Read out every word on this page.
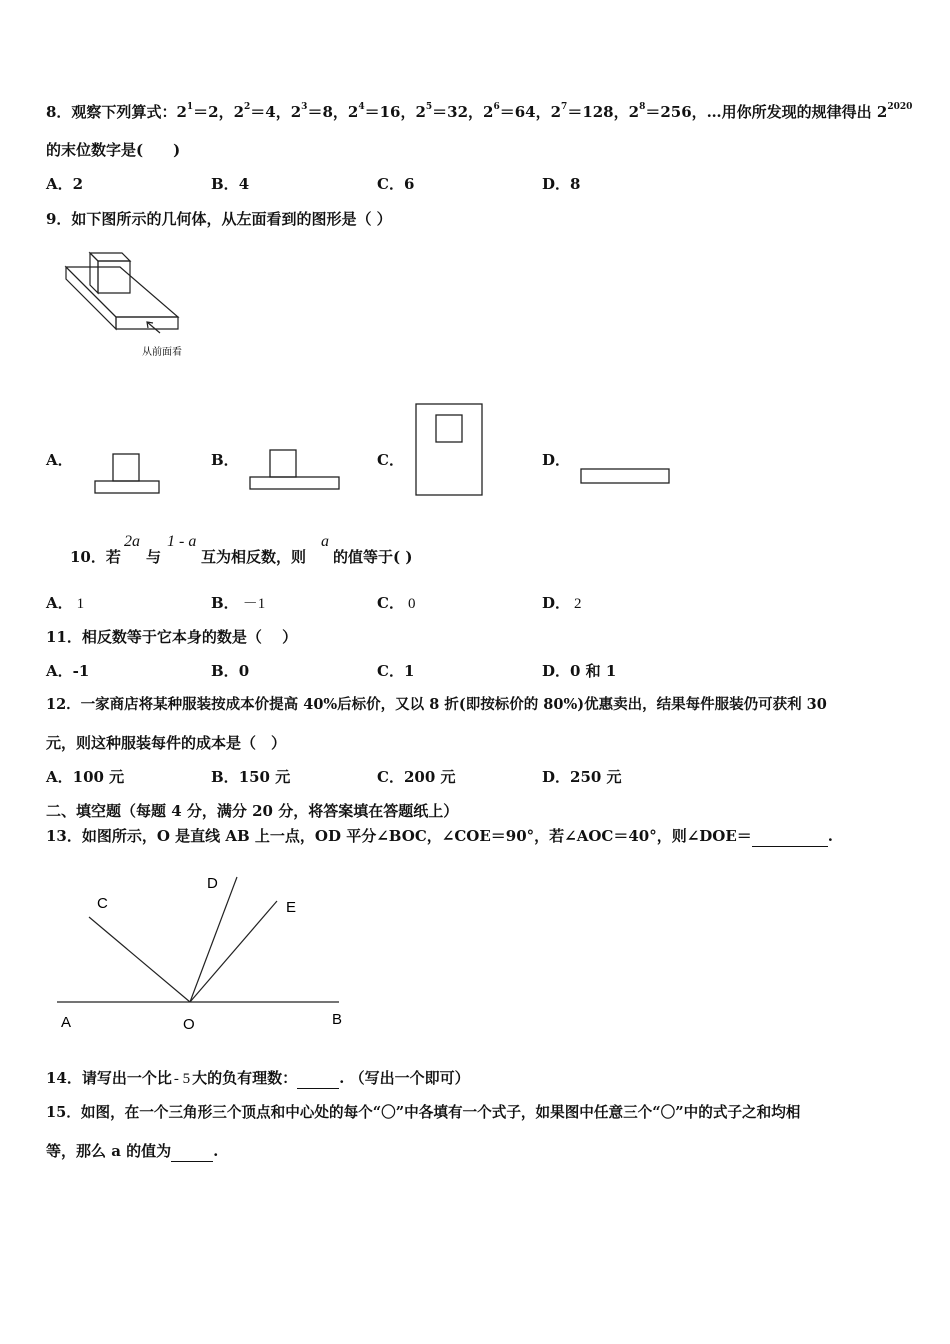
8．观察下列算式：$2^1=2$，$2^2=4$，$2^3=8$，$2^4=16$，$2^5=32$，$2^6=64$，$2^7=128$，$2^8=256$，…用你所发现的规律得出 $2^{2020}$
的末位数字是(　　)
A．2	B．4	C．6	D．8
9．如下图所示的几何体，从左面看到的图形是（ ）
从前面看
A．	B．	C．	D．
10．若
2a
与
1 - a
互为相反数，则
a
的值等于( )
A． 1	B． －1	C． 0	D． 2
11．相反数等于它本身的数是（　 ）
A．-1	B．0	C．1	D．0 和 1
12．一家商店将某种服装按成本价提高 40%后标价，又以 8 折(即按标价的 80%)优惠卖出，结果每件服装仍可获利 30
元，则这种服装每件的成本是（　）
A．100 元	B．150 元	C．200 元	D．250 元
二、填空题（每题 4 分，满分 20 分，将答案填在答题纸上）
13．如图所示，O 是直线 AB 上一点，OD 平分∠BOC，∠COE＝90°，若∠AOC＝40°，则∠DOE＝	.
A	O	B
C
D
E
14．请写出一个比 - 5 大的负有理数：	. （写出一个即可）
15．如图，在一个三角形三个顶点和中心处的每个“〇”中各填有一个式子，如果图中任意三个“〇”中的式子之和均相
等，那么 a 的值为	.
